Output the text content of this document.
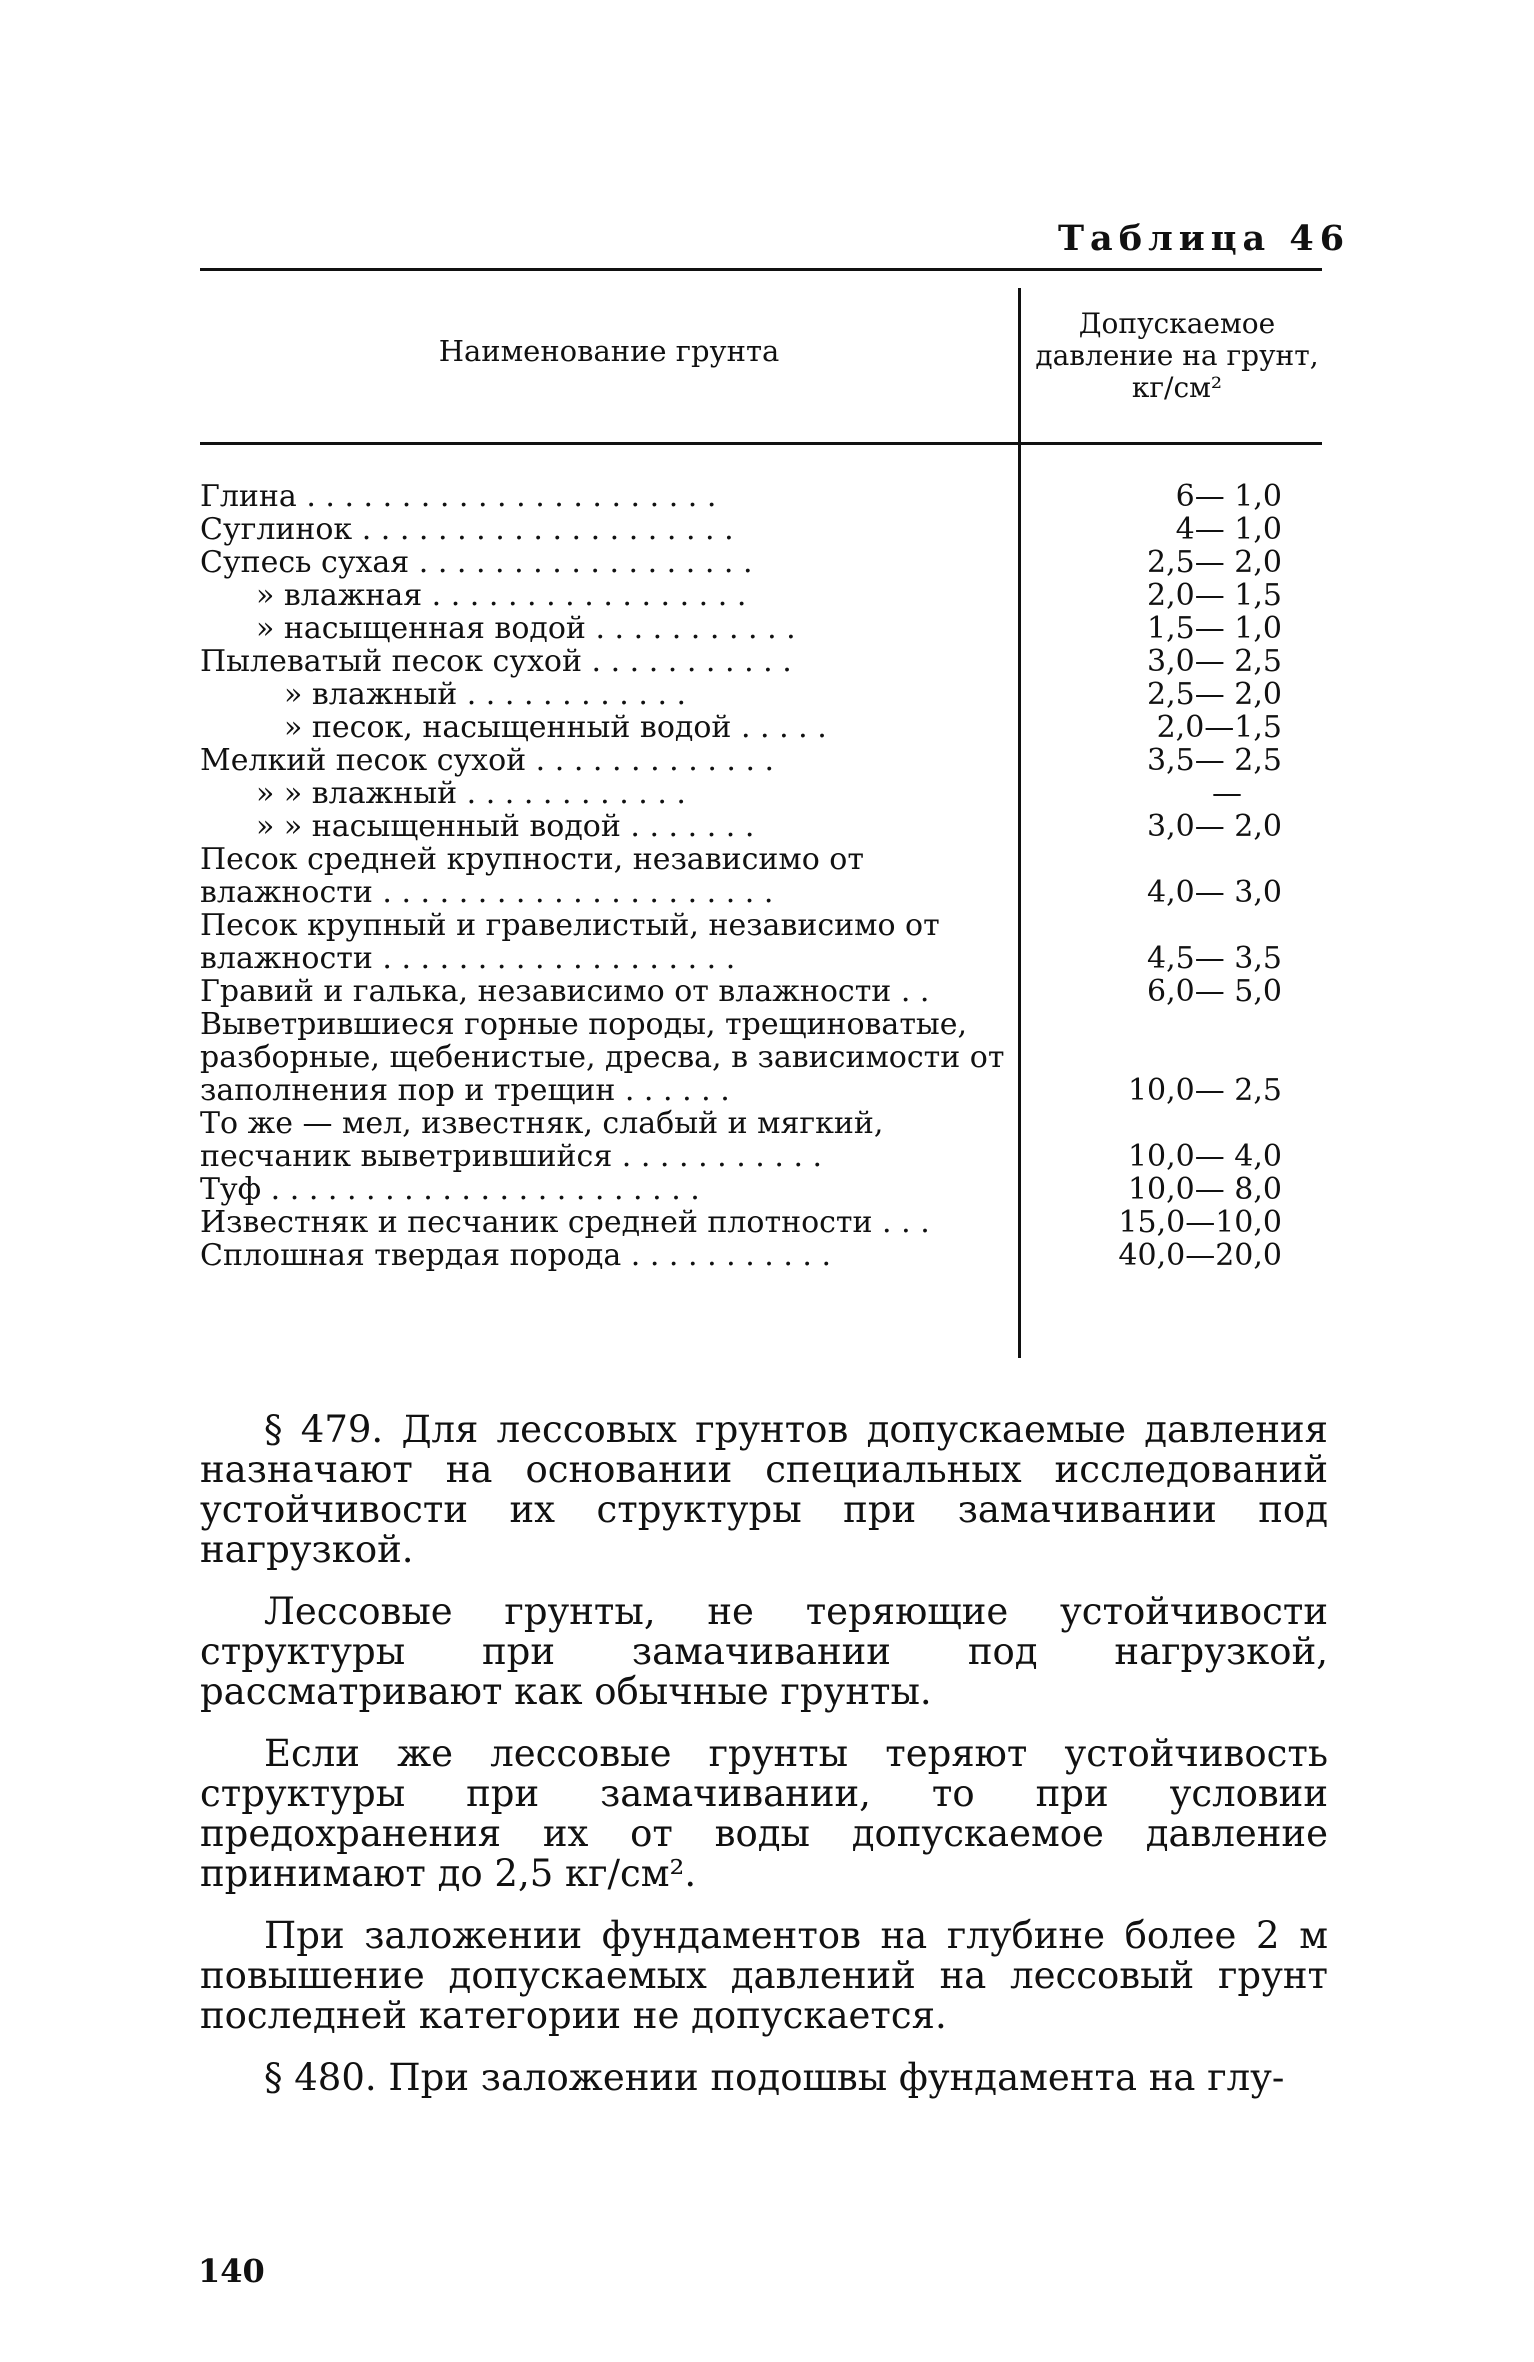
Таблица 46
Наименование грунта
Допускаемое давление на грунт, кг/см²
Глина . . . . . . . . . . . . . . . . . . . . . .	6— 1,0
Суглинок . . . . . . . . . . . . . . . . . . . .	4— 1,0
Супесь сухая . . . . . . . . . . . . . . . . . .	2,5— 2,0
» влажная . . . . . . . . . . . . . . . . .	2,0— 1,5
» насыщенная водой . . . . . . . . . . .	1,5— 1,0
Пылеватый песок сухой . . . . . . . . . . .	3,0— 2,5
» влажный . . . . . . . . . . . .	2,5— 2,0
» песок, насыщенный водой . . . . .	2,0—1,5
Мелкий песок сухой . . . . . . . . . . . . .	3,5— 2,5
» » влажный . . . . . . . . . . . .	—
» » насыщенный водой . . . . . . .	3,0— 2,0
Песок средней крупности, независимо от влажности . . . . . . . . . . . . . . . . . . . . .	4,0— 3,0
Песок крупный и гравелистый, независимо от влажности . . . . . . . . . . . . . . . . . . .	4,5— 3,5
Гравий и галька, независимо от влажности . .	6,0— 5,0
Выветрившиеся горные породы, трещиноватые, разборные, щебенистые, дресва, в зависимости от заполнения пор и трещин . . . . . .	10,0— 2,5
То же — мел, известняк, слабый и мягкий, песчаник выветрившийся . . . . . . . . . . .	10,0— 4,0
Туф . . . . . . . . . . . . . . . . . . . . . . .	10,0— 8,0
Известняк и песчаник средней плотности . . .	15,0—10,0
Сплошная твердая порода . . . . . . . . . . .	40,0—20,0

§ 479. Для лессовых грунтов допускаемые давления назначают на основании специальных исследований устойчивости их структуры при замачивании под нагрузкой.

Лессовые грунты, не теряющие устойчивости структуры при замачивании под нагрузкой, рассматривают как обычные грунты.

Если же лессовые грунты теряют устойчивость структуры при замачивании, то при условии предохранения их от воды допускаемое давление принимают до 2,5 кг/см².

При заложении фундаментов на глубине более 2 м повышение допускаемых давлений на лессовый грунт последней категории не допускается.

§ 480. При заложении подошвы фундамента на глу-

140
